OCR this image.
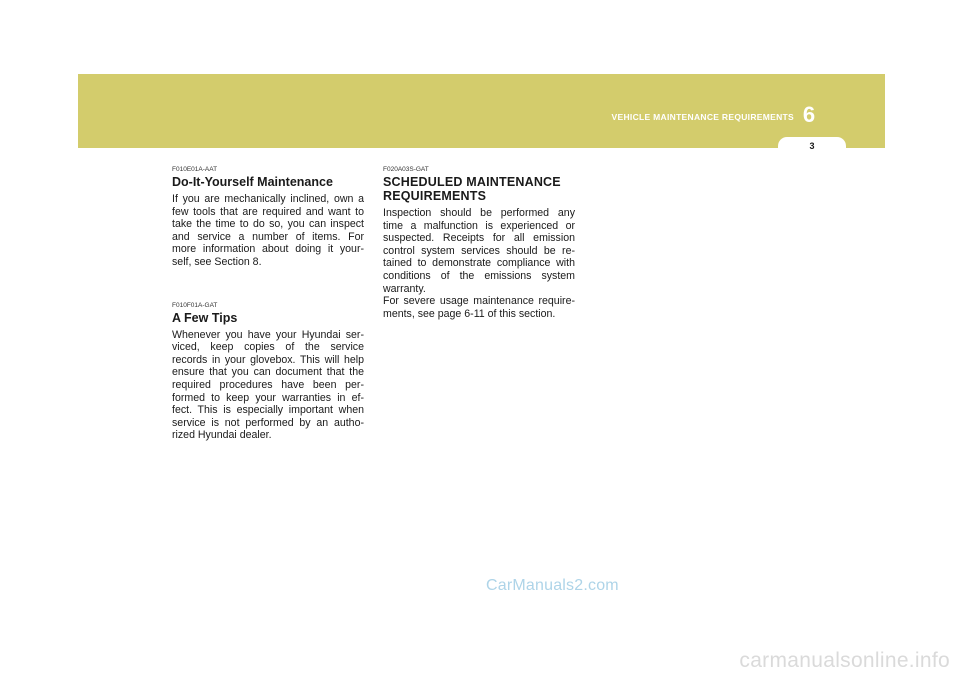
VEHICLE MAINTENANCE REQUIREMENTS 6
3

F010E01A-AAT

Do-It-Yourself Maintenance

If you are mechanically inclined, own a
few tools that are required and want to
take the time to do so, you can inspect
and service a number of items. For
more information about doing it your-
self, see Section 8.

F010F01A-GAT

A Few Tips

Whenever you have your Hyundai ser-
viced, keep copies of the service
records in your glovebox. This will help
ensure that you can document that the
required procedures have been per-
formed to keep your warranties in ef-
fect. This is especially important when
service is not performed by an autho-
rized Hyundai dealer.

F020A03S-GAT

SCHEDULED MAINTENANCE
REQUIREMENTS

Inspection should be performed any
time a malfunction is experienced or
suspected. Receipts for all emission
control system services should be re-
tained to demonstrate compliance with
conditions of the emissions system
warranty.
For severe usage maintenance require-
ments, see page 6-11 of this section.

CarManuals2.com
carmanualsonline.info
